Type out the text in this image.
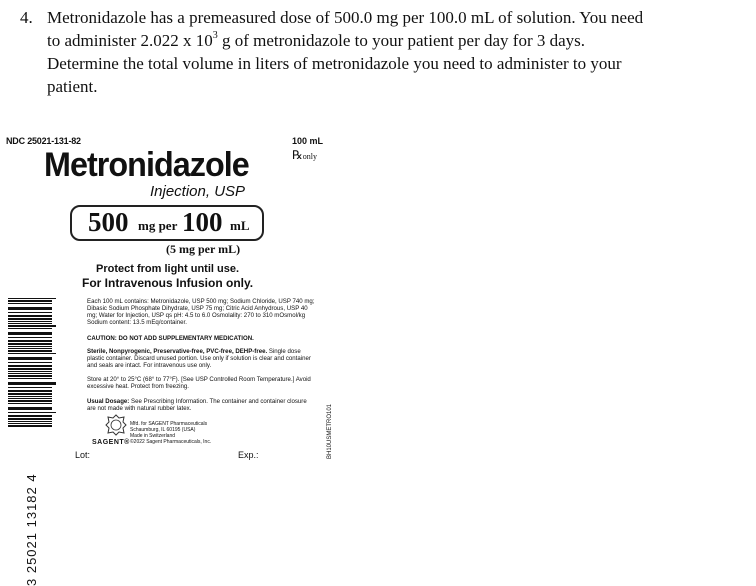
4. Metronidazole has a premeasured dose of 500.0 mg per 100.0 mL of solution. You need
to administer 2.022 x $10^3$ g of metronidazole to your patient per day for 3 days.
Determine the total volume in liters of metronidazole you need to administer to your
patient.
NDC 25021-131-82	100 mL
℞only
Metronidazole
Injection, USP
500 mg per 100 mL
(5 mg per mL)
Protect from light until use.
For Intravenous Infusion only.
3 25021 13182 4
Each 100 mL contains: Metronidazole, USP 500 mg; Sodium Chloride, USP 740 mg; Dibasic Sodium Phosphate Dihydrate, USP 75 mg; Citric Acid Anhydrous, USP 40 mg; Water for Injection, USP qs pH: 4.5 to 6.0 Osmolality: 270 to 310 mOsmol/kg Sodium content: 13.5 mEq/container.
CAUTION: DO NOT ADD SUPPLEMENTARY MEDICATION.
Sterile, Nonpyrogenic, Preservative-free, PVC-free, DEHP-free. Single dose plastic container. Discard unused portion. Use only if solution is clear and container and seals are intact. For intravenous use only.
Store at 20° to 25°C (68° to 77°F). [See USP Controlled Room Temperature.] Avoid excessive heat. Protect from freezing.
Usual Dosage: See Prescribing Information. The container and container closure are not made with natural rubber latex.
Mfd. for SAGENT Pharmaceuticals
Schaumburg, IL 60195 (USA)
Made in Switzerland
©2022 Sagent Pharmaceuticals, Inc.
SAGENT®	BH10USMETRO101
Lot:	Exp.:
